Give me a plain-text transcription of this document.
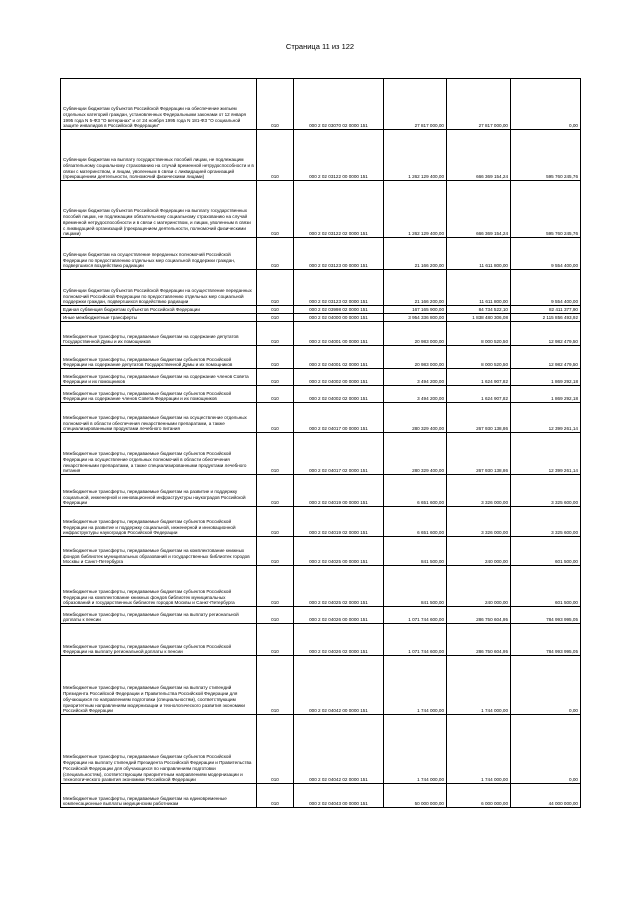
Страница 11 из 122
Субвенции бюджетам субъектов Российской Федерации на обеспечение жильем отдельных категорий граждан, установленных Федеральными законами от 12 января 1995 года N 5-ФЗ "О ветеранах" и от 24 ноября 1995 года N 181-ФЗ "О социальной защите инвалидов в Российской Федерации"	010	000 2 02 03070 02 0000 151	27 817 000,00	27 817 000,00	0,00
Субвенции бюджетам на выплату государственных пособий лицам, не подлежащим обязательному социальному страхованию на случай временной нетрудоспособности и в связи с материнством, и лицам, уволенным в связи с ликвидацией организаций (прекращением деятельности, полномочий физическими лицами)	010	000 2 02 03122 00 0000 151	1 262 129 400,00	666 369 154,24	595 760 245,76
Субвенции бюджетам субъектов Российской Федерации на выплату государственных пособий лицам, не подлежащим обязательному социальному страхованию на случай временной нетрудоспособности и в связи с материнством, и лицам, уволенным в связи с ликвидацией организаций (прекращением деятельности, полномочий физическими лицами)	010	000 2 02 03122 02 0000 151	1 262 129 400,00	666 369 154,24	595 760 245,76
Субвенции бюджетам на осуществление переданных полномочий Российской Федерации по предоставлению отдельных мер социальной поддержки граждан, подвергшихся воздействию радиации	010	000 2 02 03123 00 0000 151	21 166 200,00	11 611 800,00	9 554 400,00
Субвенции бюджетам субъектов Российской Федерации на осуществление переданных полномочий Российской Федерации по предоставлению отдельных мер социальной поддержки граждан, подвергшихся воздействию радиации	010	000 2 02 03123 02 0000 151	21 166 200,00	11 611 800,00	9 554 400,00
Единая субвенция бюджетам субъектов Российской Федерации	010	000 2 02 03998 02 0000 151	167 165 900,00	84 734 522,10	82 411 377,90
Иные межбюджетные трансферты	010	000 2 02 04000 00 0000 151	3 954 336 800,00	1 838 480 306,08	2 115 856 493,92
Межбюджетные трансферты, передаваемые бюджетам на содержание депутатов Государственной Думы и их помощников	010	000 2 02 04001 00 0000 151	20 983 000,00	8 000 520,50	12 982 479,50
Межбюджетные трансферты, передаваемые бюджетам субъектов Российской Федерации на содержание депутатов Государственной Думы и их помощников	010	000 2 02 04001 02 0000 151	20 983 000,00	8 000 520,50	12 982 479,50
Межбюджетные трансферты, передаваемые бюджетам на содержание членов Совета Федерации и их помощников	010	000 2 02 04002 00 0000 151	3 494 200,00	1 624 907,82	1 869 292,18
Межбюджетные трансферты, передаваемые бюджетам субъектов Российской Федерации на содержание членов Совета Федерации и их помощников	010	000 2 02 04002 02 0000 151	3 494 200,00	1 624 907,82	1 869 292,18
Межбюджетные трансферты, передаваемые бюджетам на осуществление отдельных полномочий в области обеспечения лекарственными препаратами, а также специализированными продуктами лечебного питания	010	000 2 02 04017 00 0000 151	280 329 400,00	267 930 138,86	12 399 261,14
Межбюджетные трансферты, передаваемые бюджетам субъектов Российской Федерации на осуществление отдельных полномочий в области обеспечения лекарственными препаратами, а также специализированными продуктами лечебного питания	010	000 2 02 04017 02 0000 151	280 329 400,00	267 930 138,86	12 399 261,14
Межбюджетные трансферты, передаваемые бюджетам на развитие и поддержку социальной, инженерной и инновационной инфраструктуры наукоградов Российской Федерации	010	000 2 02 04019 00 0000 151	6 651 600,00	3 326 000,00	3 325 600,00
Межбюджетные трансферты, передаваемые бюджетам субъектов Российской Федерации на развитие и поддержку социальной, инженерной и инновационной инфраструктуры наукоградов Российской Федерации	010	000 2 02 04019 02 0000 151	6 651 600,00	3 326 000,00	3 325 600,00
Межбюджетные трансферты, передаваемые бюджетам на комплектование книжных фондов библиотек муниципальных образований и государственных библиотек городов Москвы и Санкт-Петербурга	010	000 2 02 04025 00 0000 151	841 500,00	240 000,00	601 500,00
Межбюджетные трансферты, передаваемые бюджетам субъектов Российской Федерации на комплектование книжных фондов библиотек муниципальных образований и государственных библиотек городов Москвы и Санкт-Петербурга	010	000 2 02 04025 02 0000 151	841 500,00	240 000,00	601 500,00
Межбюджетные трансферты, передаваемые бюджетам на выплату региональной доплаты к пенсии	010	000 2 02 04026 00 0000 151	1 071 744 600,00	286 750 604,95	784 993 995,05
Межбюджетные трансферты, передаваемые бюджетам субъектов Российской Федерации на выплату региональной доплаты к пенсии	010	000 2 02 04026 02 0000 151	1 071 744 600,00	286 750 604,95	784 993 995,05
Межбюджетные трансферты, передаваемые бюджетам на выплату стипендий Президента Российской Федерации и Правительства Российской Федерации для обучающихся по направлениям подготовки (специальностям), соответствующим приоритетным направлениям модернизации и технологического развития экономики Российской Федерации	010	000 2 02 04042 00 0000 151	1 744 000,00	1 744 000,00	0,00
Межбюджетные трансферты, передаваемые бюджетам субъектов Российской Федерации на выплату стипендий Президента Российской Федерации и Правительства Российской Федерации для обучающихся по направлениям подготовки (специальностям), соответствующим приоритетным направлениям модернизации и технологического развития экономики Российской Федерации	010	000 2 02 04042 02 0000 151	1 744 000,00	1 744 000,00	0,00
Межбюджетные трансферты, передаваемые бюджетам на единовременные компенсационные выплаты медицинским работникам	010	000 2 02 04043 00 0000 151	50 000 000,00	6 000 000,00	44 000 000,00
